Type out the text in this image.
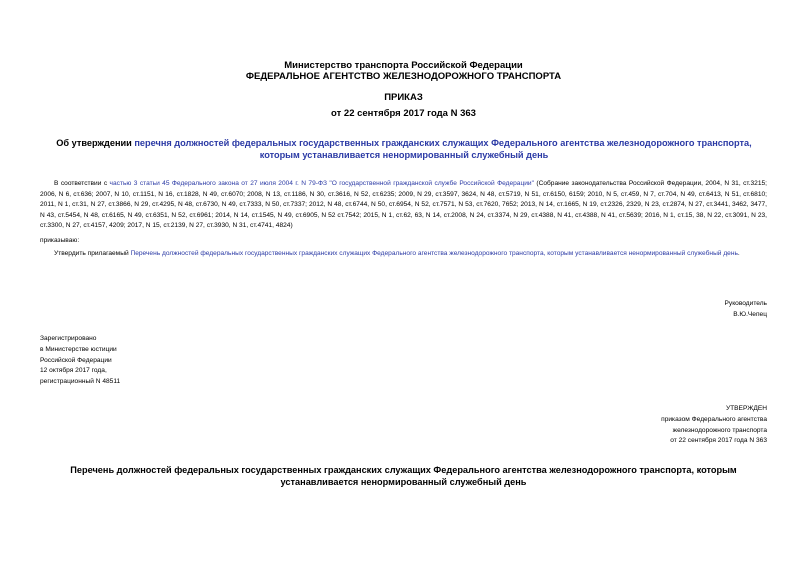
Министерство транспорта Российской Федерации
ФЕДЕРАЛЬНОЕ АГЕНТСТВО ЖЕЛЕЗНОДОРОЖНОГО ТРАНСПОРТА
ПРИКАЗ
от 22 сентября 2017 года N 363
Об утверждении перечня должностей федеральных государственных гражданских служащих Федерального агентства железнодорожного транспорта, которым устанавливается ненормированный служебный день
В соответствии с частью 3 статьи 45 Федерального закона от 27 июля 2004 г. N 79-ФЗ "О государственной гражданской службе Российской Федерации" (Собрание законодательства Российской Федерации, 2004, N 31, ст.3215; 2006, N 6, ст.636; 2007, N 10, ст.1151, N 16, ст.1828, N 49, ст.6070; 2008, N 13, ст.1186, N 30, ст.3616, N 52, ст.6235; 2009, N 29, ст.3597, 3624, N 48, ст.5719, N 51, ст.6150, 6159; 2010, N 5, ст.459, N 7, ст.704, N 49, ст.6413, N 51, ст.6810; 2011, N 1, ст.31, N 27, ст.3866, N 29, ст.4295, N 48, ст.6730, N 49, ст.7333, N 50, ст.7337; 2012, N 48, ст.6744, N 50, ст.6954, N 52, ст.7571, N 53, ст.7620, 7652; 2013, N 14, ст.1665, N 19, ст.2326, 2329, N 23, ст.2874, N 27, ст.3441, 3462, 3477, N 43, ст.5454, N 48, ст.6165, N 49, ст.6351, N 52, ст.6961; 2014, N 14, ст.1545, N 49, ст.6905, N 52 ст.7542; 2015, N 1, ст.62, 63, N 14, ст.2008, N 24, ст.3374, N 29, ст.4388, N 41, ст.4388, N 41, ст.5639; 2016, N 1, ст.15, 38, N 22, ст.3091, N 23, ст.3300, N 27, ст.4157, 4209; 2017, N 15, ст.2139, N 27, ст.3930, N 31, ст.4741, 4824)
приказываю:
Утвердить прилагаемый Перечень должностей федеральных государственных гражданских служащих Федерального агентства железнодорожного транспорта, которым устанавливается ненормированный служебный день.
Руководитель
В.Ю.Чепец
Зарегистрировано
в Министерстве юстиции
Российской Федерации
12 октября 2017 года,
регистрационный N 48511
УТВЕРЖДЕН
приказом Федерального агентства
железнодорожного транспорта
от 22 сентября 2017 года N 363
Перечень должностей федеральных государственных гражданских служащих Федерального агентства железнодорожного транспорта, которым устанавливается ненормированный служебный день
